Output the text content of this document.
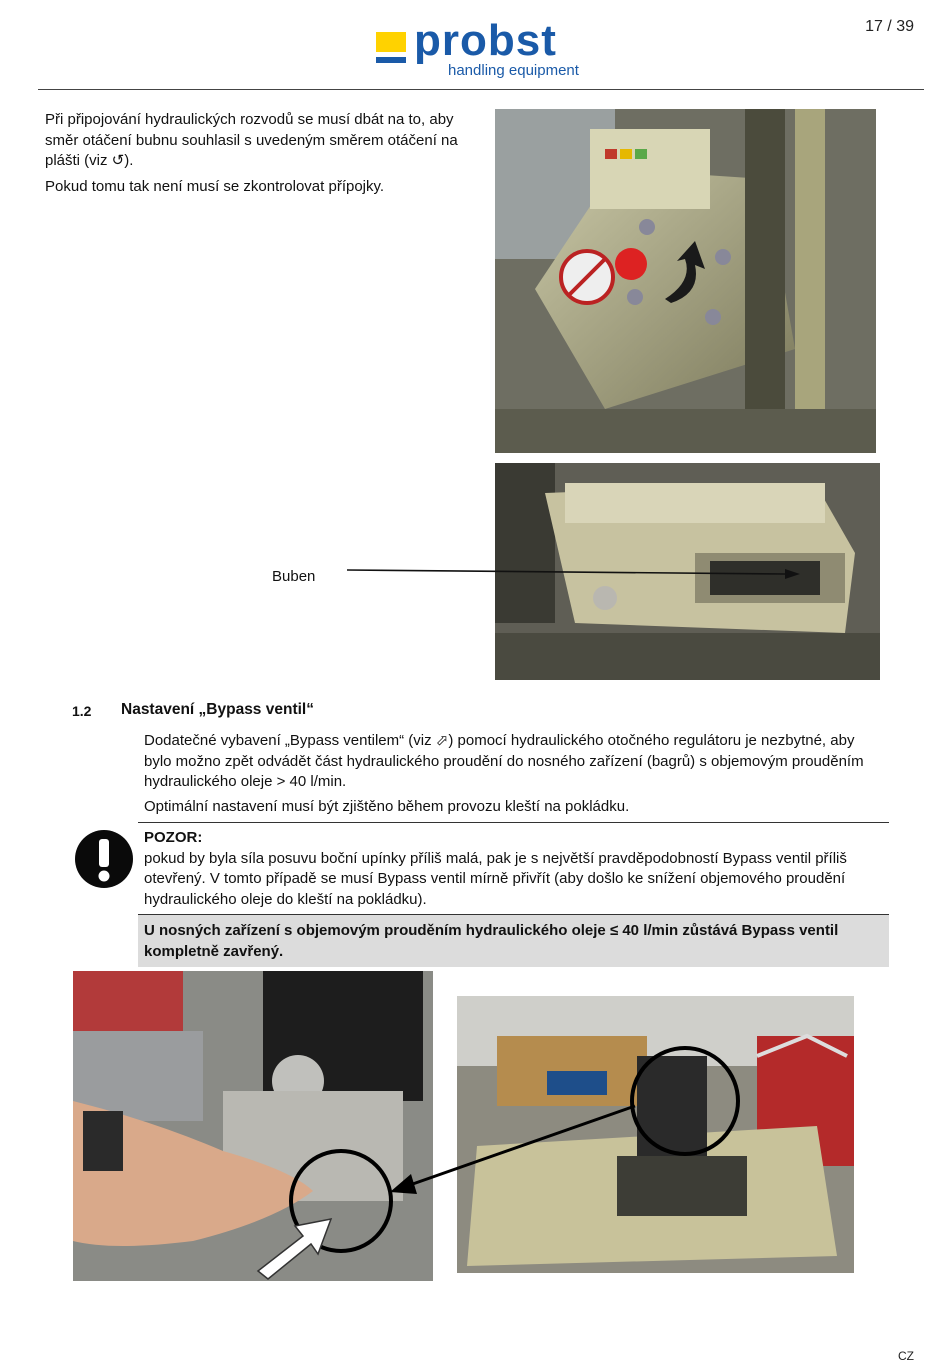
17 / 39
probst
handling equipment

Při připojování hydraulických rozvodů se musí dbát na to, aby směr otáčení bubnu souhlasil s uvedeným směrem otáčení na plášti (viz ↺).

Pokud tomu tak není musí se zkontrolovat přípojky.

Buben
1.2 Nastavení „Bypass ventil“

Dodatečné vybavení „Bypass ventilem“ (viz ⬀) pomocí hydraulického otočného regulátoru je nezbytné, aby bylo možno zpět odvádět část hydraulického proudění do nosného zařízení (bagrů) s objemovým prouděním hydraulického oleje > 40 l/min.

Optimální nastavení musí být zjištěno během provozu kleští na pokládku.

POZOR:
pokud by byla síla posuvu boční upínky příliš malá, pak je s největší pravděpodobností Bypass ventil příliš otevřený. V tomto případě se musí Bypass ventil mírně přivřít (aby došlo ke snížení objemového proudění hydraulického oleje do kleští na pokládku).
U nosných zařízení s objemovým prouděním hydraulického oleje ≤ 40 l/min zůstává Bypass ventil kompletně zavřený.
CZ
